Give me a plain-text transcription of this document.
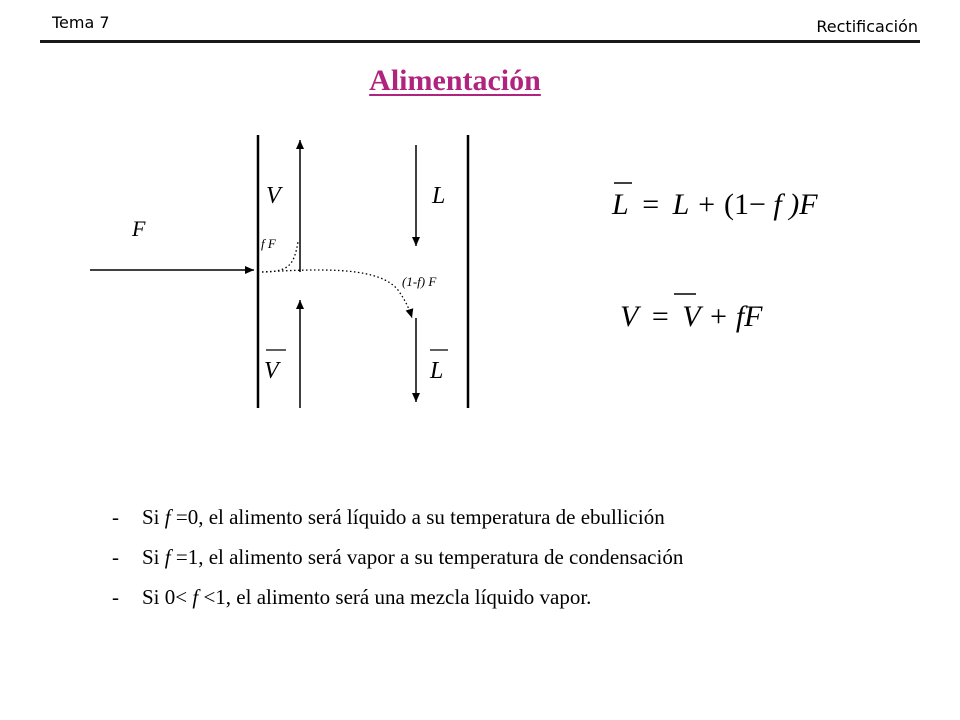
Tema 7	Rectificación
Alimentación
F
V	L
f F
(1-f) F
V	L
L = L + (1− f )F
V = V + fF
- Si f =0, el alimento será líquido a su temperatura de ebullición
- Si f =1, el alimento será vapor a su temperatura de condensación
- Si 0< f <1, el alimento será una mezcla líquido vapor.
